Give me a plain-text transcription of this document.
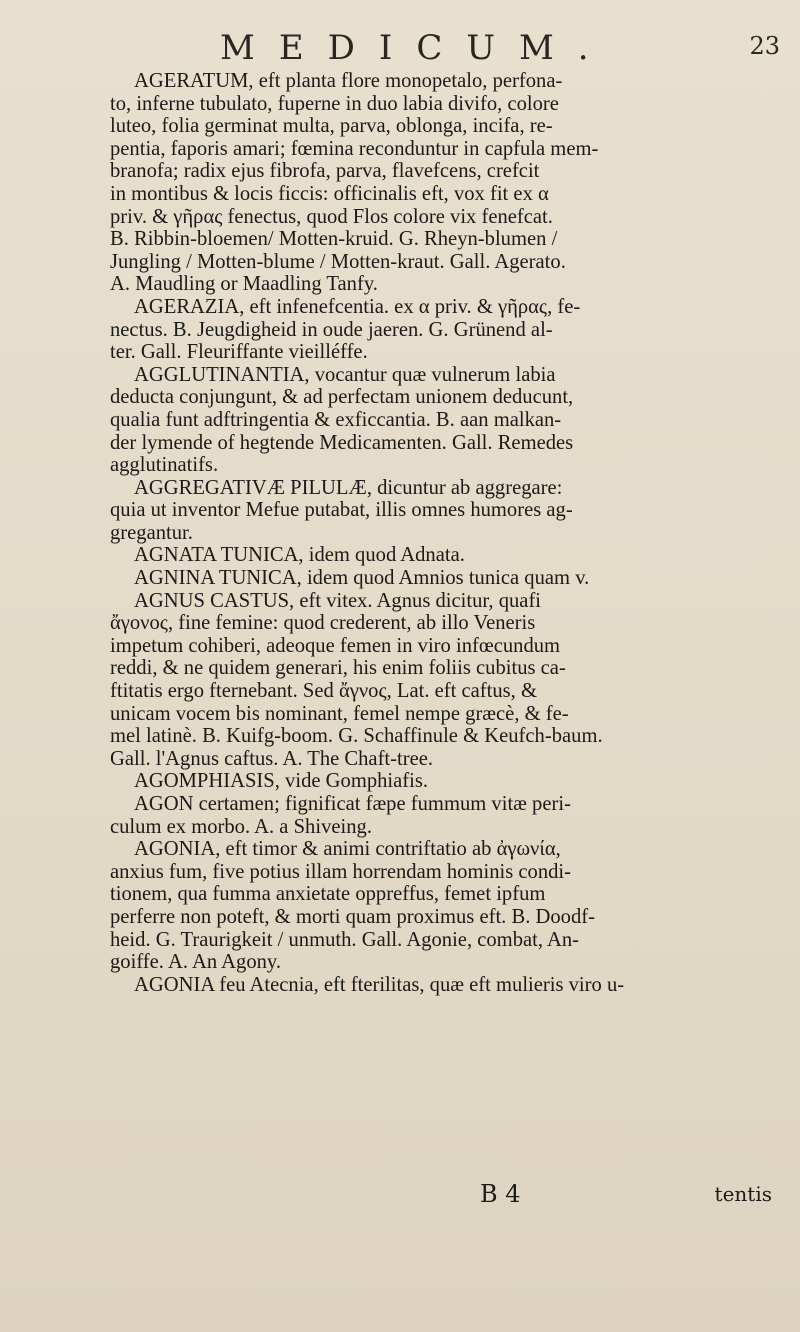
MEDICUM.	23

AGERATUM, eft planta flore monopetalo, perfona-
to, inferne tubulato, fuperne in duo labia divifo, colore
luteo, folia germinat multa, parva, oblonga, incifa, re-
pentia, faporis amari; fœmina reconduntur in capfula mem-
branofa; radix ejus fibrofa, parva, flavefcens, crefcit
in montibus & locis ficcis: officinalis eft, vox fit ex α
priv. & γῆρας fenectus, quod Flos colore vix fenefcat.
B. Ribbin-bloemen/ Motten-kruid. G. Rheyn-blumen /
Jungling / Motten-blume / Motten-kraut. Gall. Agerato.
A. Maudling or Maadling Tanfy.

AGERAZIA, eft infenefcentia. ex α priv. & γῆρας, fe-
nectus. B. Jeugdigheid in oude jaeren. G. Grünend al-
ter. Gall. Fleuriffante vieilléffe.

AGGLUTINANTIA, vocantur quæ vulnerum labia
deducta conjungunt, & ad perfectam unionem deducunt,
qualia funt adftringentia & exficcantia. B. aan malkan-
der lymende of hegtende Medicamenten. Gall. Remedes
agglutinatifs.

AGGREGATIVÆ PILULÆ, dicuntur ab aggregare:
quia ut inventor Mefue putabat, illis omnes humores ag-
gregantur.

AGNATA TUNICA, idem quod Adnata.

AGNINA TUNICA, idem quod Amnios tunica quam v.

AGNUS CASTUS, eft vitex. Agnus dicitur, quafi
ἄγονος, fine femine: quod crederent, ab illo Veneris
impetum cohiberi, adeoque femen in viro infœcundum
reddi, & ne quidem generari, his enim foliis cubitus ca-
ftitatis ergo fternebant. Sed ἄγνος, Lat. eft caftus, &
unicam vocem bis nominant, femel nempe græcè, & fe-
mel latinè. B. Kuifg-boom. G. Schaffinule & Keufch-baum.
Gall. l'Agnus caftus. A. The Chaft-tree.

AGOMPHIASIS, vide Gomphiafis.

AGON certamen; fignificat fæpe fummum vitæ peri-
culum ex morbo. A. a Shiveing.

AGONIA, eft timor & animi contriftatio ab ἀγωνία,
anxius fum, five potius illam horrendam hominis condi-
tionem, qua fumma anxietate oppreffus, femet ipfum
perferre non poteft, & morti quam proximus eft. B. Doodf-
heid. G. Traurigkeit / unmuth. Gall. Agonie, combat, An-
goiffe. A. An Agony.

AGONIA feu Atecnia, eft fterilitas, quæ eft mulieris viro u-

B 4	tentis
